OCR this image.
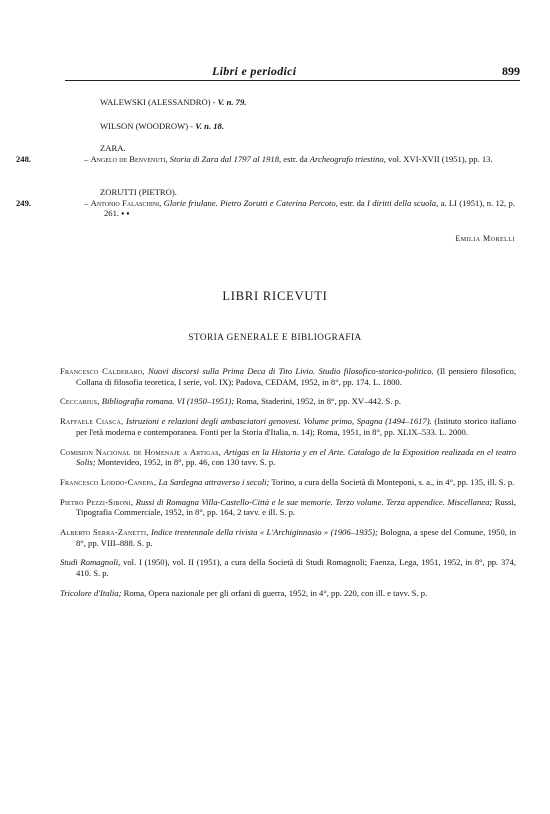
Libri e periodici	899
WALEWSKI (ALESSANDRO) - V. n. 79.
WILSON (WOODROW) - V. n. 18.
ZARA.
248.	– Angelo de Benvenuti, Storia di Zara dal 1797 al 1918, estr. da Archeografo triestino, vol. XVI-XVII (1951), pp. 13.
ZORUTTI (PIETRO).
249.	– Antonio Falaschini, Glorie friulane. Pietro Zorutti e Caterina Percoto, estr. da I diritti della scuola, a. LI (1951), n. 12, p. 261. ▪ ▪
Emilia Morelli
LIBRI RICEVUTI
STORIA GENERALE E BIBLIOGRAFIA
Francesco Calderaro, Nuovi discorsi sulla Prima Deca di Tito Livio. Studio filosofico-storico-politico. (Il pensiero filosofico, Collana di filosofia teoretica, I serie, vol. IX); Padova, CEDAM, 1952, in 8°, pp. 174. L. 1800.
Ceccarius, Bibliografia romana. VI (1950–1951); Roma, Staderini, 1952, in 8°, pp. XV–442. S. p.
Raffaele Ciasca, Istruzioni e relazioni degli ambasciatori genovesi. Volume primo, Spagna (1494–1617). (Istituto storico italiano per l'età moderna e contemporanea. Fonti per la Storia d'Italia, n. 14); Roma, 1951, in 8°, pp. XLIX–533. L. 2000.
Comision Nacional de Homenaje a Artigas, Artigas en la Historia y en el Arte. Catalogo de la Exposition realizada en el teatro Solis; Montevideo, 1952, in 8°, pp. 46, con 130 tavv. S. p.
Francesco Loddo-Canepa, La Sardegna attraverso i secoli; Torino, a cura della Società di Monteponi, s. a., in 4°, pp. 135, ill. S. p.
Pietro Pezzi-Siboni, Russi di Romagna Villa-Castello-Città e le sue memorie. Terzo volume. Terza appendice. Miscellanea; Russi, Tipografia Commerciale, 1952, in 8°, pp. 164, 2 tavv. e ill. S. p.
Alberto Serra-Zanetti, Indice trentennale della rivista « L'Archiginnasio » (1906–1935); Bologna, a spese del Comune, 1950, in 8°, pp. VIII–888. S. p.
Studi Romagnoli, vol. I (1950), vol. II (1951), a cura della Società di Studi Romagnoli; Faenza, Lega, 1951, 1952, in 8°, pp. 374, 410. S. p.
Tricolore d'Italia; Roma, Opera nazionale per gli orfani di guerra, 1952, in 4°, pp. 220, con ill. e tavv. S. p.
